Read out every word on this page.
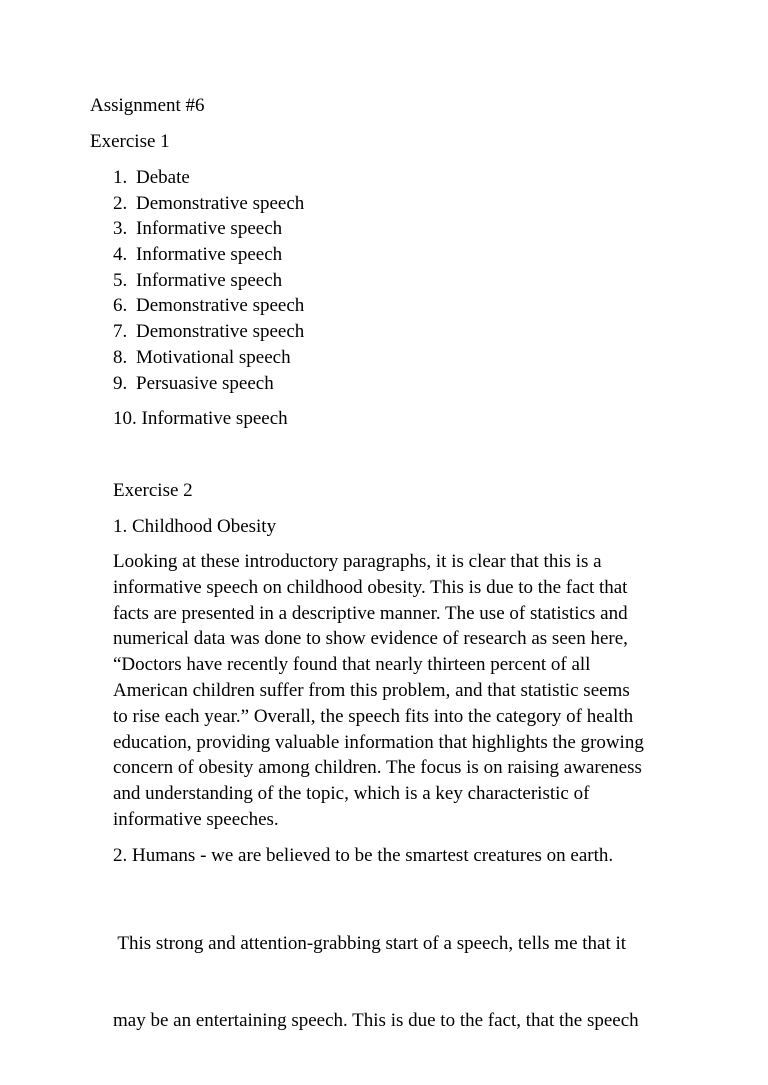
Assignment #6
Exercise 1
1. Debate
2. Demonstrative speech
3. Informative speech
4. Informative speech
5. Informative speech
6. Demonstrative speech
7. Demonstrative speech
8. Motivational speech
9. Persuasive speech
10. Informative speech
Exercise 2
1. Childhood Obesity
Looking at these introductory paragraphs, it is clear that this is a
informative speech on childhood obesity. This is due to the fact that
facts are presented in a descriptive manner. The use of statistics and
numerical data was done to show evidence of research as seen here,
“Doctors have recently found that nearly thirteen percent of all
American children suffer from this problem, and that statistic seems
to rise each year.” Overall, the speech fits into the category of health
education, providing valuable information that highlights the growing
concern of obesity among children. The focus is on raising awareness
and understanding of the topic, which is a key characteristic of
informative speeches.
2. Humans - we are believed to be the smartest creatures on earth.

This strong and attention-grabbing start of a speech, tells me that it

may be an entertaining speech. This is due to the fact, that the speech
